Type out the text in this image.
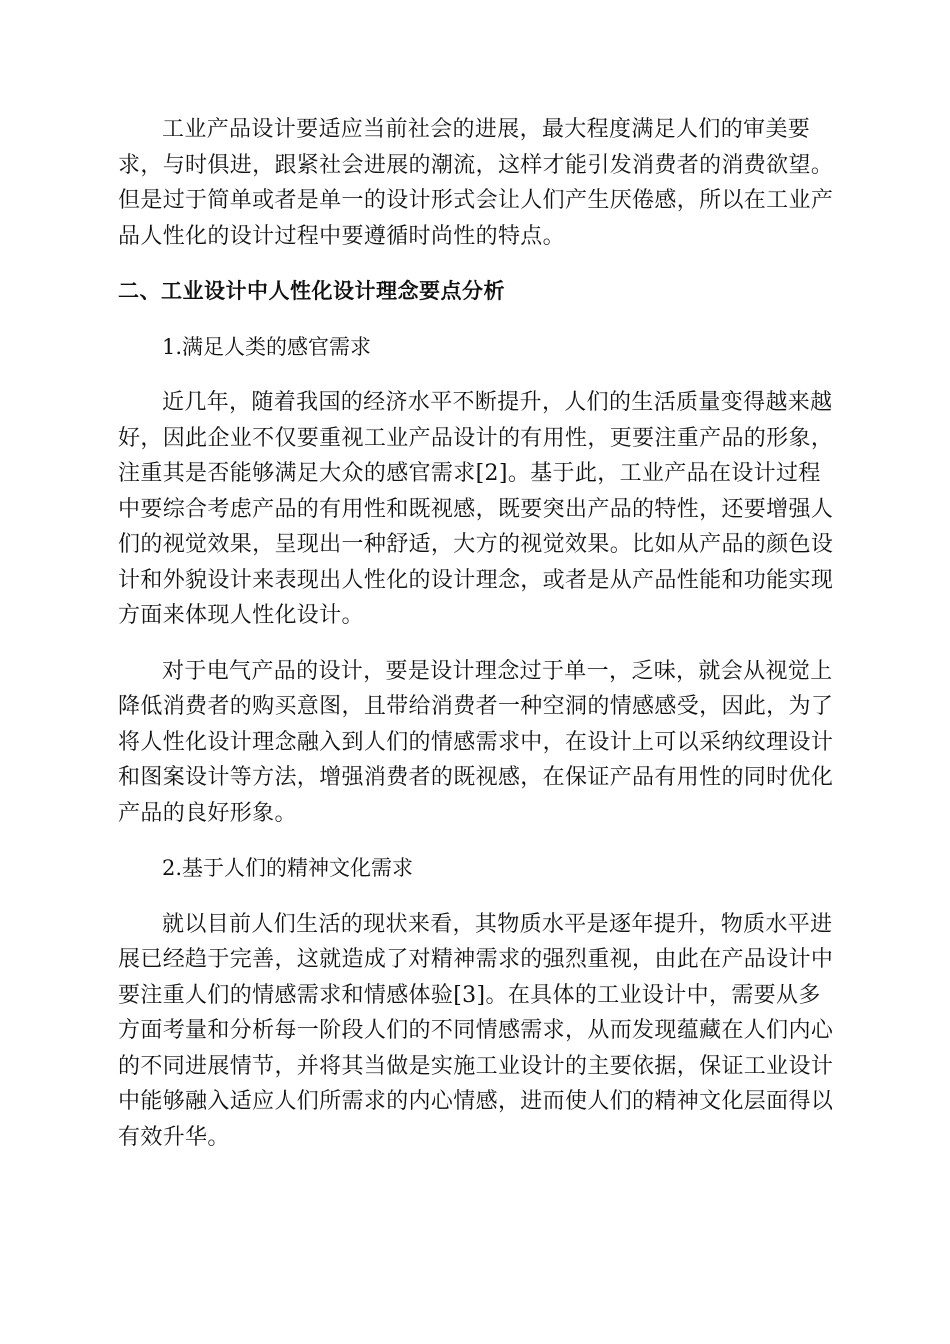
工业产品设计要适应当前社会的进展，最大程度满足人们的审美要
求，与时俱进，跟紧社会进展的潮流，这样才能引发消费者的消费欲望。
但是过于简单或者是单一的设计形式会让人们产生厌倦感，所以在工业产
品人性化的设计过程中要遵循时尚性的特点。
二、工业设计中人性化设计理念要点分析
1.满足人类的感官需求
近几年，随着我国的经济水平不断提升，人们的生活质量变得越来越
好，因此企业不仅要重视工业产品设计的有用性，更要注重产品的形象，
注重其是否能够满足大众的感官需求[2]。基于此，工业产品在设计过程
中要综合考虑产品的有用性和既视感，既要突出产品的特性，还要增强人
们的视觉效果，呈现出一种舒适，大方的视觉效果。比如从产品的颜色设
计和外貌设计来表现出人性化的设计理念，或者是从产品性能和功能实现
方面来体现人性化设计。
对于电气产品的设计，要是设计理念过于单一，乏味，就会从视觉上
降低消费者的购买意图，且带给消费者一种空洞的情感感受，因此，为了
将人性化设计理念融入到人们的情感需求中，在设计上可以采纳纹理设计
和图案设计等方法，增强消费者的既视感，在保证产品有用性的同时优化
产品的良好形象。
2.基于人们的精神文化需求
就以目前人们生活的现状来看，其物质水平是逐年提升，物质水平进
展已经趋于完善，这就造成了对精神需求的强烈重视，由此在产品设计中
要注重人们的情感需求和情感体验[3]。在具体的工业设计中，需要从多
方面考量和分析每一阶段人们的不同情感需求，从而发现蕴藏在人们内心
的不同进展情节，并将其当做是实施工业设计的主要依据，保证工业设计
中能够融入适应人们所需求的内心情感，进而使人们的精神文化层面得以
有效升华。
